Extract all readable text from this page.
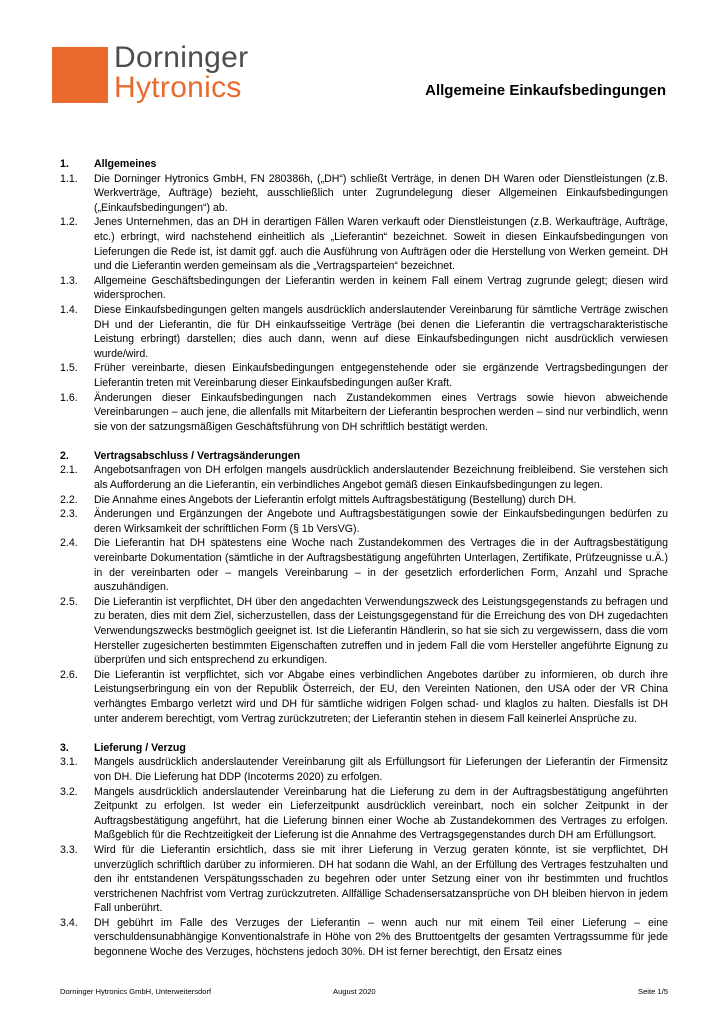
Dorninger
Hytronics	Allgemeine Einkaufsbedingungen
1.	Allgemeines
1.1.	Die Dorninger Hytronics GmbH, FN 280386h, („DH“) schließt Verträge, in denen DH Waren oder Dienstleistungen (z.B. Werkverträge, Aufträge) bezieht, ausschließlich unter Zugrundelegung dieser Allgemeinen Einkaufsbedingungen („Einkaufsbedingungen“) ab.
1.2.	Jenes Unternehmen, das an DH in derartigen Fällen Waren verkauft oder Dienstleistungen (z.B. Werkaufträge, Aufträge, etc.) erbringt, wird nachstehend einheitlich als „Lieferantin“ bezeichnet. Soweit in diesen Einkaufsbedingungen von Lieferungen die Rede ist, ist damit ggf. auch die Ausführung von Aufträgen oder die Herstellung von Werken gemeint. DH und die Lieferantin werden gemeinsam als die „Vertragsparteien“ bezeichnet.
1.3.	Allgemeine Geschäftsbedingungen der Lieferantin werden in keinem Fall einem Vertrag zugrunde gelegt; diesen wird widersprochen.
1.4.	Diese Einkaufsbedingungen gelten mangels ausdrücklich anderslautender Vereinbarung für sämtliche Verträge zwischen DH und der Lieferantin, die für DH einkaufsseitige Verträge (bei denen die Lieferantin die vertragscharakteristische Leistung erbringt) darstellen; dies auch dann, wenn auf diese Einkaufsbedingungen nicht ausdrücklich verwiesen wurde/wird.
1.5.	Früher vereinbarte, diesen Einkaufsbedingungen entgegenstehende oder sie ergänzende Vertragsbedingungen der Lieferantin treten mit Vereinbarung dieser Einkaufsbedingungen außer Kraft.
1.6.	Änderungen dieser Einkaufsbedingungen nach Zustandekommen eines Vertrags sowie hievon abweichende Vereinbarungen – auch jene, die allenfalls mit Mitarbeitern der Lieferantin besprochen werden – sind nur verbindlich, wenn sie von der satzungsmäßigen Geschäftsführung von DH schriftlich bestätigt werden.
2.	Vertragsabschluss / Vertragsänderungen
2.1.	Angebotsanfragen von DH erfolgen mangels ausdrücklich anderslautender Bezeichnung freibleibend. Sie verstehen sich als Aufforderung an die Lieferantin, ein verbindliches Angebot gemäß diesen Einkaufsbedingungen zu legen.
2.2.	Die Annahme eines Angebots der Lieferantin erfolgt mittels Auftragsbestätigung (Bestellung) durch DH.
2.3.	Änderungen und Ergänzungen der Angebote und Auftragsbestätigungen sowie der Einkaufsbedingungen bedürfen zu deren Wirksamkeit der schriftlichen Form (§ 1b VersVG).
2.4.	Die Lieferantin hat DH spätestens eine Woche nach Zustandekommen des Vertrages die in der Auftragsbestätigung vereinbarte Dokumentation (sämtliche in der Auftragsbestätigung angeführten Unterlagen, Zertifikate, Prüfzeugnisse u.Ä.) in der vereinbarten oder – mangels Vereinbarung – in der gesetzlich erforderlichen Form, Anzahl und Sprache auszuhändigen.
2.5.	Die Lieferantin ist verpflichtet, DH über den angedachten Verwendungszweck des Leistungsgegenstands zu befragen und zu beraten, dies mit dem Ziel, sicherzustellen, dass der Leistungsgegenstand für die Erreichung des von DH zugedachten Verwendungszwecks bestmöglich geeignet ist. Ist die Lieferantin Händlerin, so hat sie sich zu vergewissern, dass die vom Hersteller zugesicherten bestimmten Eigenschaften zutreffen und in jedem Fall die vom Hersteller angeführte Eignung zu überprüfen und sich entsprechend zu erkundigen.
2.6.	Die Lieferantin ist verpflichtet, sich vor Abgabe eines verbindlichen Angebotes darüber zu informieren, ob durch ihre Leistungserbringung ein von der Republik Österreich, der EU, den Vereinten Nationen, den USA oder der VR China verhängtes Embargo verletzt wird und DH für sämtliche widrigen Folgen schad- und klaglos zu halten. Diesfalls ist DH unter anderem berechtigt, vom Vertrag zurückzutreten; der Lieferantin stehen in diesem Fall keinerlei Ansprüche zu.
3.	Lieferung / Verzug
3.1.	Mangels ausdrücklich anderslautender Vereinbarung gilt als Erfüllungsort für Lieferungen der Lieferantin der Firmensitz von DH. Die Lieferung hat DDP (Incoterms 2020) zu erfolgen.
3.2.	Mangels ausdrücklich anderslautender Vereinbarung hat die Lieferung zu dem in der Auftragsbestätigung angeführten Zeitpunkt zu erfolgen. Ist weder ein Lieferzeitpunkt ausdrücklich vereinbart, noch ein solcher Zeitpunkt in der Auftragsbestätigung angeführt, hat die Lieferung binnen einer Woche ab Zustandekommen des Vertrages zu erfolgen. Maßgeblich für die Rechtzeitigkeit der Lieferung ist die Annahme des Vertragsgegenstandes durch DH am Erfüllungsort.
3.3.	Wird für die Lieferantin ersichtlich, dass sie mit ihrer Lieferung in Verzug geraten könnte, ist sie verpflichtet, DH unverzüglich schriftlich darüber zu informieren. DH hat sodann die Wahl, an der Erfüllung des Vertrages festzuhalten und den ihr entstandenen Verspätungsschaden zu begehren oder unter Setzung einer von ihr bestimmten und fruchtlos verstrichenen Nachfrist vom Vertrag zurückzutreten. Allfällige Schadensersatzansprüche von DH bleiben hiervon in jedem Fall unberührt.
3.4.	DH gebührt im Falle des Verzuges der Lieferantin – wenn auch nur mit einem Teil einer Lieferung – eine verschuldensunabhängige Konventionalstrafe in Höhe von 2% des Bruttoentgelts der gesamten Vertragssumme für jede begonnene Woche des Verzuges, höchstens jedoch 30%. DH ist ferner berechtigt, den Ersatz eines
Dorninger Hytronics GmbH, Unterweitersdorf	August 2020	Seite 1/5
